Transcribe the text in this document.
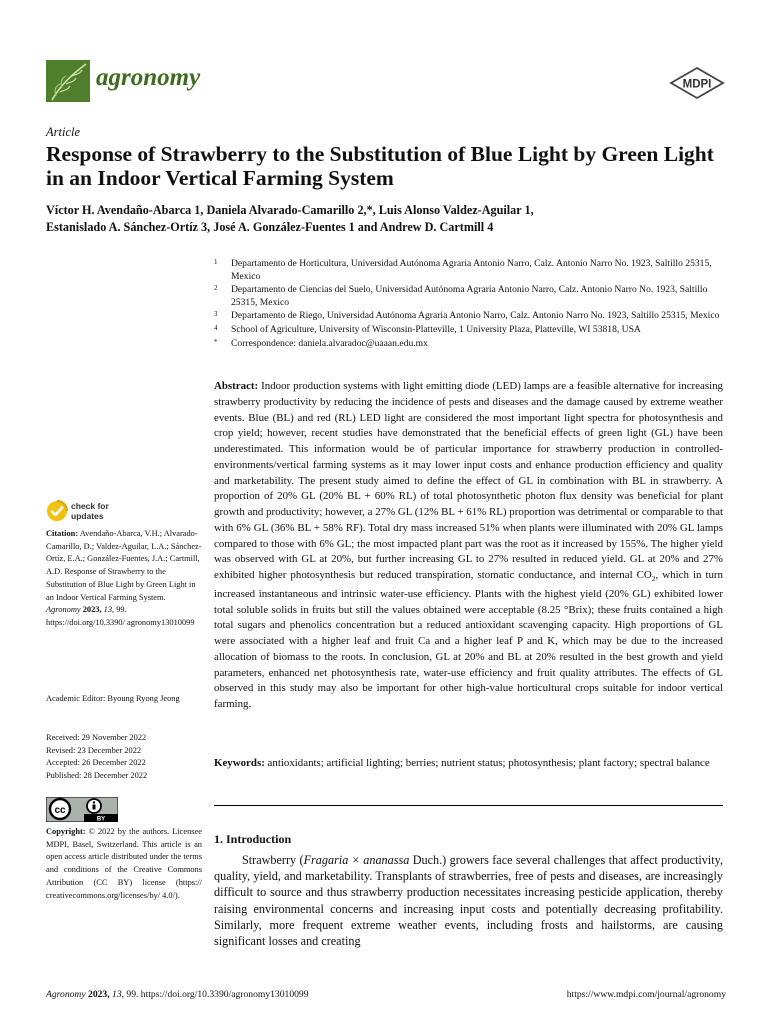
agronomy	MDPI
Article
Response of Strawberry to the Substitution of Blue Light by Green Light in an Indoor Vertical Farming System
Víctor H. Avendaño-Abarca 1, Daniela Alvarado-Camarillo 2,*, Luis Alonso Valdez-Aguilar 1,
Estanislado A. Sánchez-Ortíz 3, José A. González-Fuentes 1 and Andrew D. Cartmill 4
1 Departamento de Horticultura, Universidad Autónoma Agraria Antonio Narro, Calz. Antonio Narro No. 1923, Saltillo 25315, Mexico
2 Departamento de Ciencias del Suelo, Universidad Autónoma Agraria Antonio Narro, Calz. Antonio Narro No. 1923, Saltillo 25315, Mexico
3 Departamento de Riego, Universidad Autónoma Agraria Antonio Narro, Calz. Antonio Narro No. 1923, Saltillo 25315, Mexico
4 School of Agriculture, University of Wisconsin-Platteville, 1 University Plaza, Platteville, WI 53818, USA
* Correspondence: daniela.alvaradoc@uaaan.edu.mx
Abstract: Indoor production systems with light emitting diode (LED) lamps are a feasible alternative for increasing strawberry productivity by reducing the incidence of pests and diseases and the damage caused by extreme weather events. Blue (BL) and red (RL) LED light are considered the most important light spectra for photosynthesis and crop yield; however, recent studies have demonstrated that the beneficial effects of green light (GL) have been underestimated. This information would be of particular importance for strawberry production in controlled-environments/vertical farming systems as it may lower input costs and enhance production efficiency and quality and marketability. The present study aimed to define the effect of GL in combination with BL in strawberry. A proportion of 20% GL (20% BL + 60% RL) of total photosynthetic photon flux density was beneficial for plant growth and productivity; however, a 27% GL (12% BL + 61% RL) proportion was detrimental or comparable to that with 6% GL (36% BL + 58% RF). Total dry mass increased 51% when plants were illuminated with 20% GL lamps compared to those with 6% GL; the most impacted plant part was the root as it increased by 155%. The higher yield was observed with GL at 20%, but further increasing GL to 27% resulted in reduced yield. GL at 20% and 27% exhibited higher photosynthesis but reduced transpiration, stomatic conductance, and internal $CO_2$, which in turn increased instantaneous and intrinsic water-use efficiency. Plants with the highest yield (20% GL) exhibited lower total soluble solids in fruits but still the values obtained were acceptable (8.25 °Brix); these fruits contained a high total sugars and phenolics concentration but a reduced antioxidant scavenging capacity. High proportions of GL were associated with a higher leaf and fruit Ca and a higher leaf P and K, which may be due to the increased allocation of biomass to the roots. In conclusion, GL at 20% and BL at 20% resulted in the best growth and yield parameters, enhanced net photosynthesis rate, water-use efficiency and fruit quality attributes. The effects of GL observed in this study may also be important for other high-value horticultural crops suitable for indoor vertical farming.
Keywords: antioxidants; artificial lighting; berries; nutrient status; photosynthesis; plant factory; spectral balance
1. Introduction

Strawberry (Fragaria × ananassa Duch.) growers face several challenges that affect productivity, quality, yield, and marketability. Transplants of strawberries, free of pests and diseases, are increasingly difficult to source and thus strawberry production necessitates increasing pesticide application, thereby raising environmental concerns and increasing input costs and potentially decreasing profitability. Similarly, more frequent extreme weather events, including frosts and hailstorms, are causing significant losses and creating

check for
updates
Citation: Avendaño-Abarca, V.H.; Alvarado-Camarillo, D.; Valdez-Aguilar, L.A.; Sánchez-Ortíz, E.A.; González-Fuentes, J.A.; Cartmill, A.D. Response of Strawberry to the Substitution of Blue Light by Green Light in an Indoor Vertical Farming System. Agronomy 2023, 13, 99. https://doi.org/10.3390/ agronomy13010099
Academic Editor: Byoung Ryong Jeong
Received: 29 November 2022
Revised: 23 December 2022
Accepted: 26 December 2022
Published: 28 December 2022
cc
BY
Copyright: © 2022 by the authors. Licensee MDPI, Basel, Switzerland. This article is an open access article distributed under the terms and conditions of the Creative Commons Attribution (CC BY) license (https:// creativecommons.org/licenses/by/ 4.0/).
Agronomy 2023, 13, 99. https://doi.org/10.3390/agronomy13010099	https://www.mdpi.com/journal/agronomy
